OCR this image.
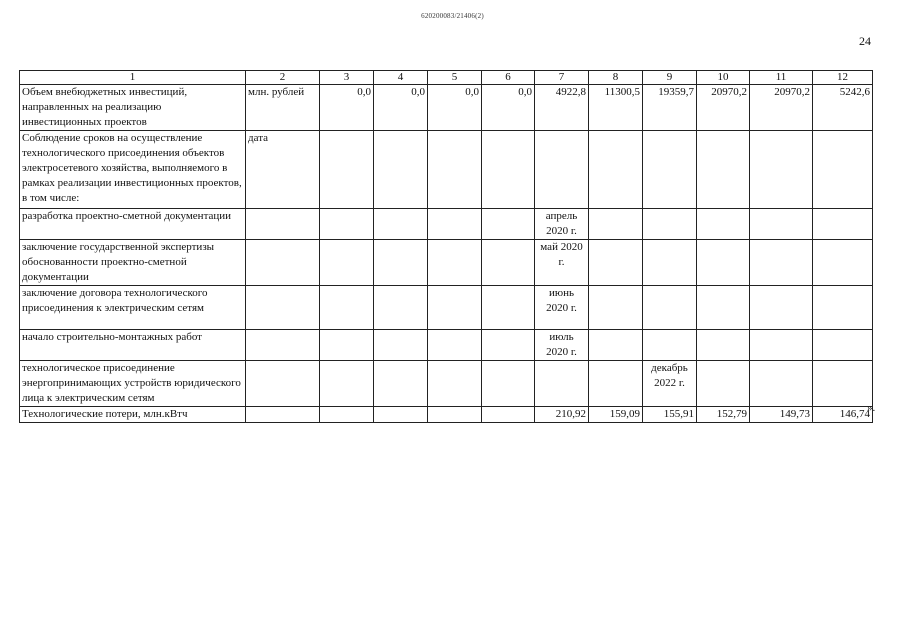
620200083/21406(2)
24
1	2	3	4	5	6	7	8	9	10	11	12
Объем внебюджетных инвестиций, направленных на реализацию инвестиционных проектов	млн. рублей	0,0	0,0	0,0	0,0	4922,8	11300,5	19359,7	20970,2	20970,2	5242,6
Соблюдение сроков на осуществление технологического присоединения объектов электросетевого хозяйства, выполняемого в рамках реализации инвестиционных проектов, в том числе:	дата										
разработка проектно-сметной документации						апрель 2020 г.					
заключение государственной экспертизы обоснованности проектно-сметной документации						май 2020 г.					
заключение договора технологического присоединения к электрическим сетям						июнь 2020 г.					
начало строительно-монтажных работ						июль 2020 г.					
технологическое присоединение энергопринимающих устройств юридического лица к электрическим сетям								декабрь 2022 г.			
Технологические потери, млн.кВтч						210,92	159,09	155,91	152,79	149,73	146,74
».
